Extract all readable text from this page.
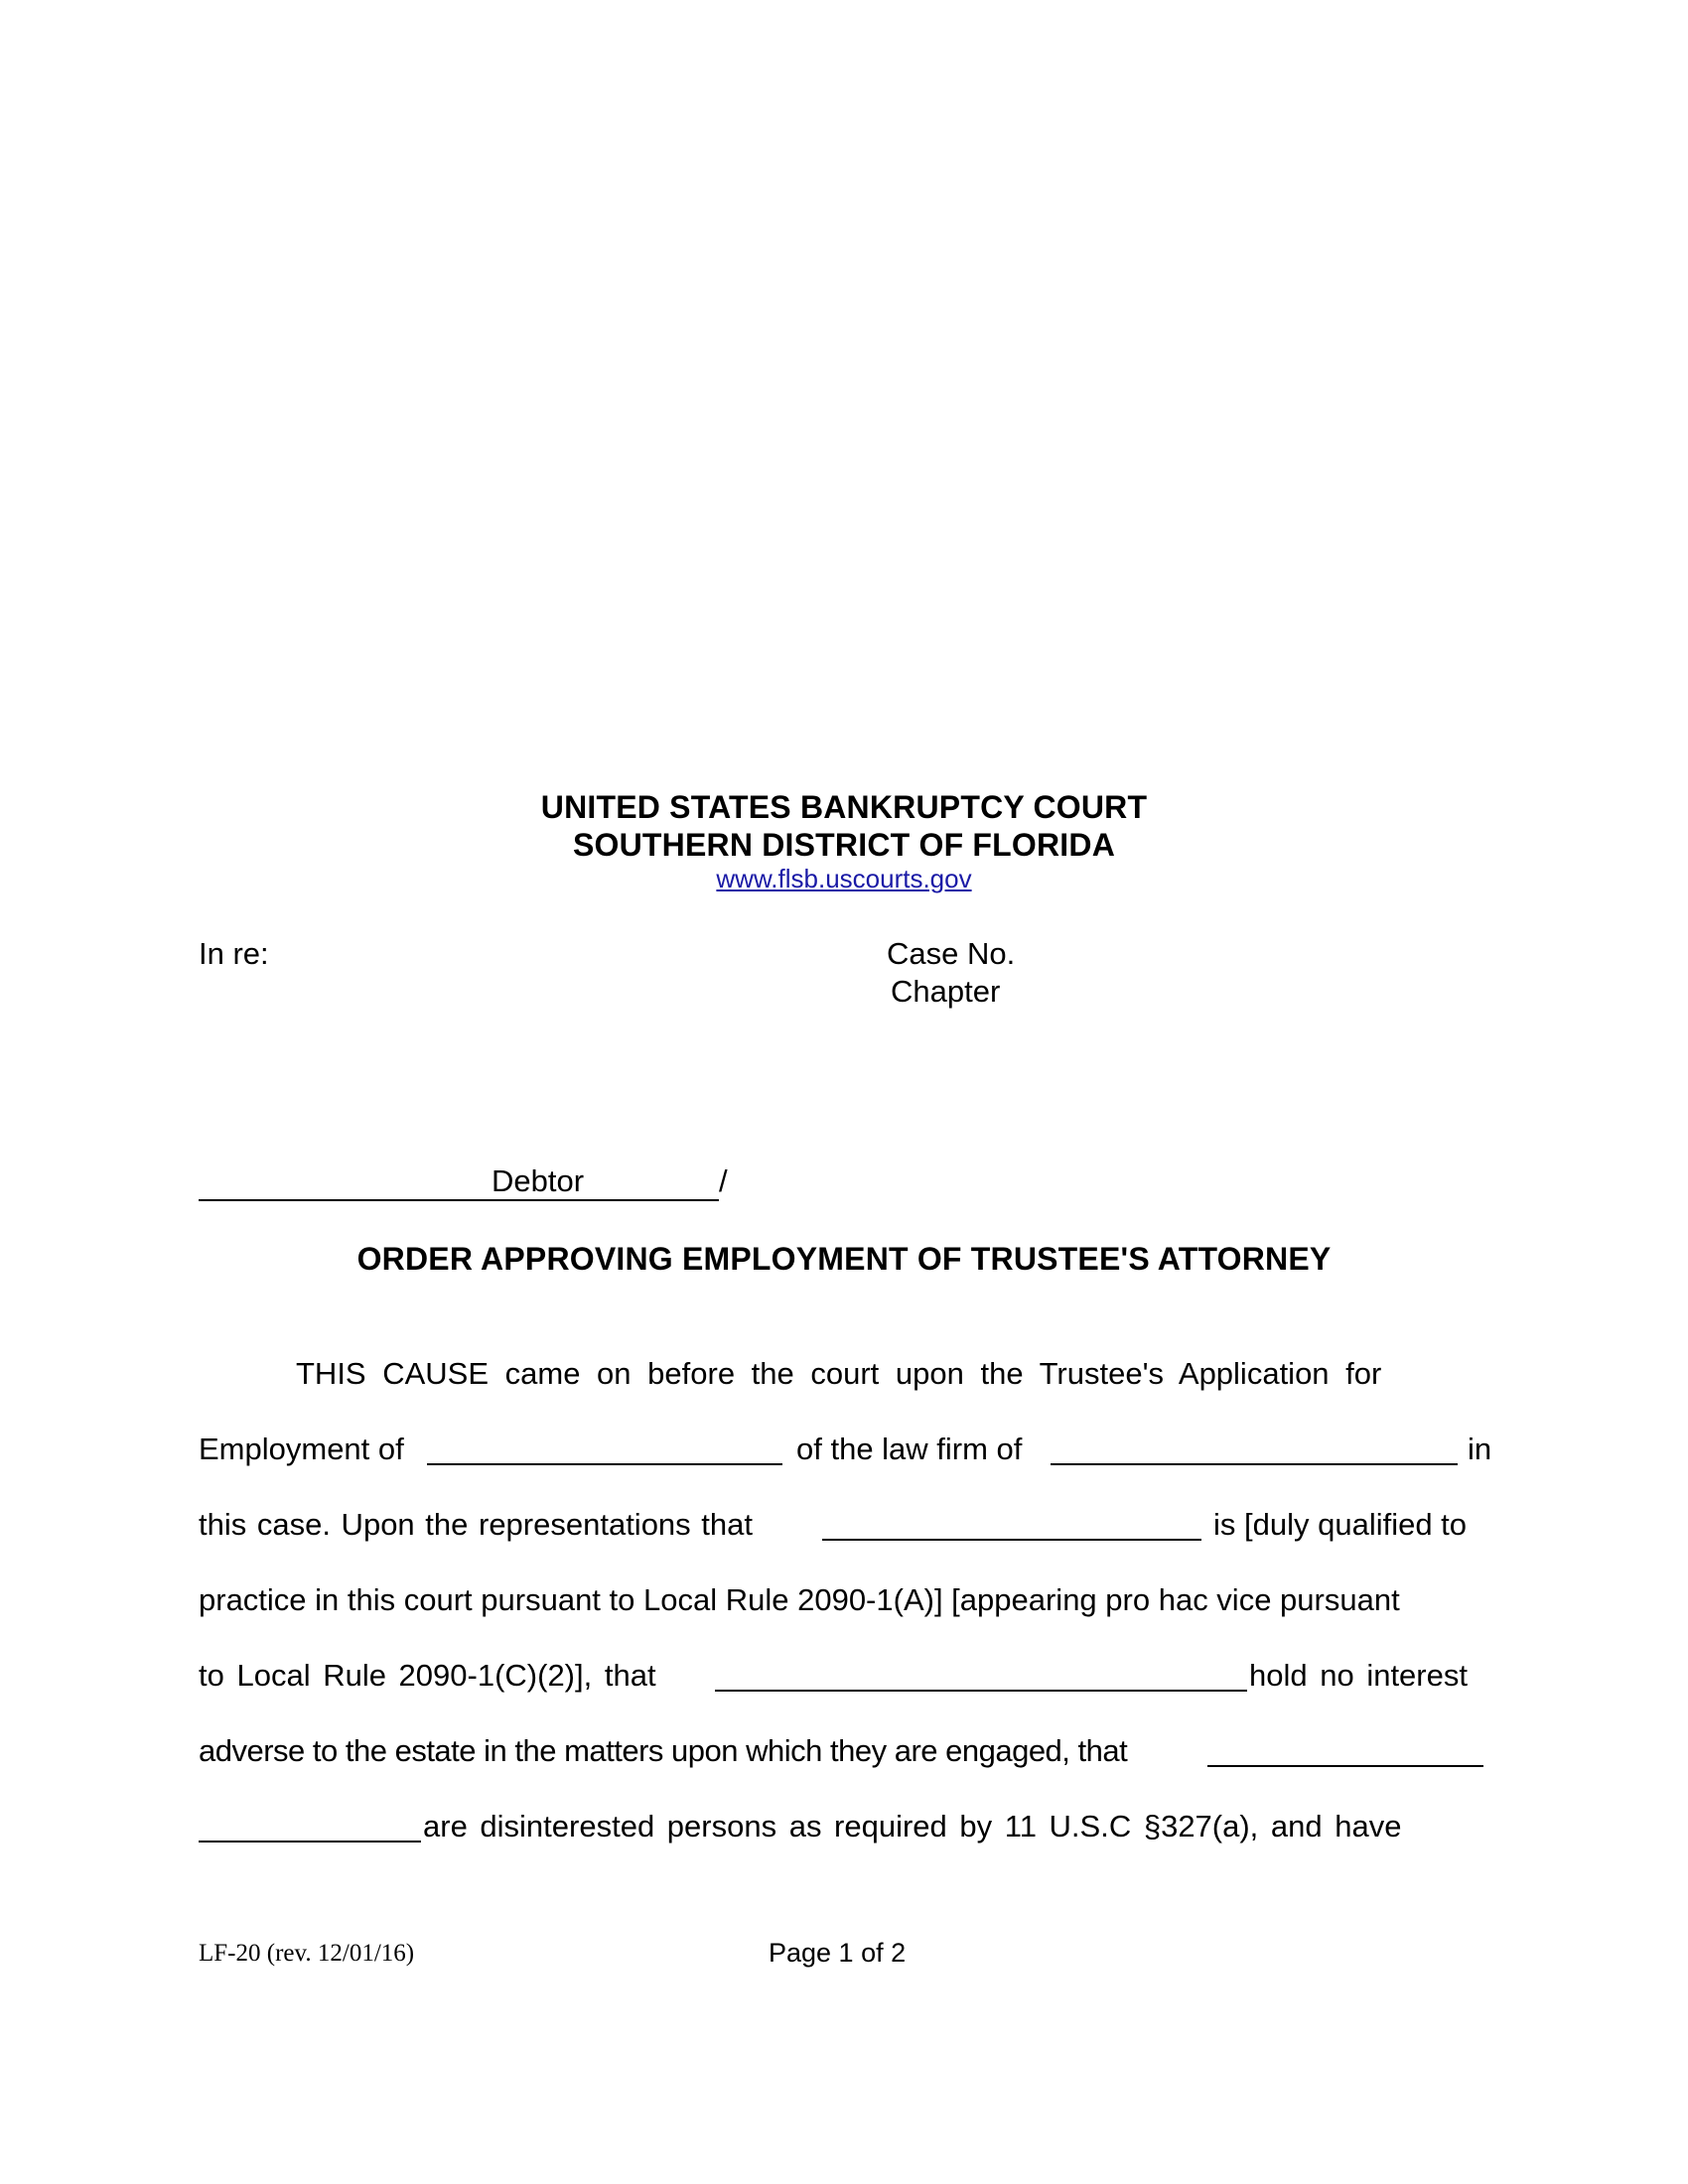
UNITED STATES BANKRUPTCY COURT
SOUTHERN DISTRICT OF FLORIDA
www.flsb.uscourts.gov
In re:	Case No.
Chapter
Debtor	/
ORDER APPROVING EMPLOYMENT OF TRUSTEE'S ATTORNEY
THIS CAUSE came on before the court upon the Trustee's Application for
Employment of	of the law firm of	in
this case. Upon the representations that	is [duly qualified to
practice in this court pursuant to Local Rule 2090-1(A)] [appearing pro hac vice pursuant
to Local Rule 2090-1(C)(2)], that	hold no interest
adverse to the estate in the matters upon which they are engaged, that
are disinterested persons as required by 11 U.S.C §327(a), and have
LF-20 (rev. 12/01/16)	Page 1 of 2
